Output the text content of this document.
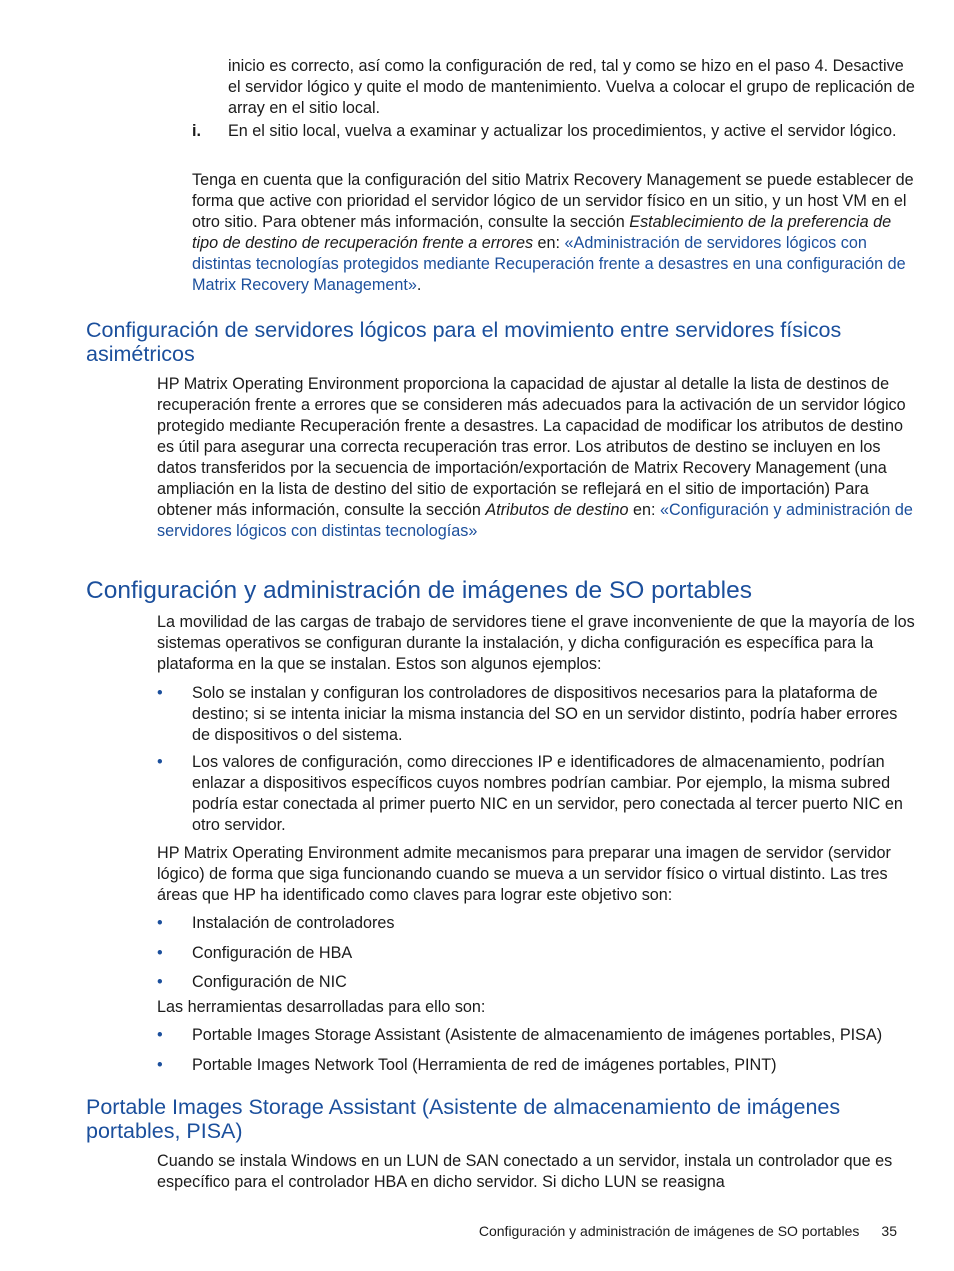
inicio es correcto, así como la configuración de red, tal y como se hizo en el paso 4. Desactive el servidor lógico y quite el modo de mantenimiento. Vuelva a colocar el grupo de replicación de array en el sitio local.

i. En el sitio local, vuelva a examinar y actualizar los procedimientos, y active el servidor lógico.

Tenga en cuenta que la configuración del sitio Matrix Recovery Management se puede establecer de forma que active con prioridad el servidor lógico de un servidor físico en un sitio, y un host VM en el otro sitio. Para obtener más información, consulte la sección Establecimiento de la preferencia de tipo de destino de recuperación frente a errores en: «Administración de servidores lógicos con distintas tecnologías protegidos mediante Recuperación frente a desastres en una configuración de Matrix Recovery Management».

Configuración de servidores lógicos para el movimiento entre servidores físicos asimétricos

HP Matrix Operating Environment proporciona la capacidad de ajustar al detalle la lista de destinos de recuperación frente a errores que se consideren más adecuados para la activación de un servidor lógico protegido mediante Recuperación frente a desastres. La capacidad de modificar los atributos de destino es útil para asegurar una correcta recuperación tras error. Los atributos de destino se incluyen en los datos transferidos por la secuencia de importación/exportación de Matrix Recovery Management (una ampliación en la lista de destino del sitio de exportación se reflejará en el sitio de importación) Para obtener más información, consulte la sección Atributos de destino en: «Configuración y administración de servidores lógicos con distintas tecnologías»

Configuración y administración de imágenes de SO portables

La movilidad de las cargas de trabajo de servidores tiene el grave inconveniente de que la mayoría de los sistemas operativos se configuran durante la instalación, y dicha configuración es específica para la plataforma en la que se instalan. Estos son algunos ejemplos:

• Solo se instalan y configuran los controladores de dispositivos necesarios para la plataforma de destino; si se intenta iniciar la misma instancia del SO en un servidor distinto, podría haber errores de dispositivos o del sistema.
• Los valores de configuración, como direcciones IP e identificadores de almacenamiento, podrían enlazar a dispositivos específicos cuyos nombres podrían cambiar. Por ejemplo, la misma subred podría estar conectada al primer puerto NIC en un servidor, pero conectada al tercer puerto NIC en otro servidor.

HP Matrix Operating Environment admite mecanismos para preparar una imagen de servidor (servidor lógico) de forma que siga funcionando cuando se mueva a un servidor físico o virtual distinto. Las tres áreas que HP ha identificado como claves para lograr este objetivo son:

• Instalación de controladores
• Configuración de HBA
• Configuración de NIC

Las herramientas desarrolladas para ello son:

• Portable Images Storage Assistant (Asistente de almacenamiento de imágenes portables, PISA)
• Portable Images Network Tool (Herramienta de red de imágenes portables, PINT)
Portable Images Storage Assistant (Asistente de almacenamiento de imágenes portables, PISA)

Cuando se instala Windows en un LUN de SAN conectado a un servidor, instala un controlador que es específico para el controlador HBA en dicho servidor. Si dicho LUN se reasigna

Configuración y administración de imágenes de SO portables 35
